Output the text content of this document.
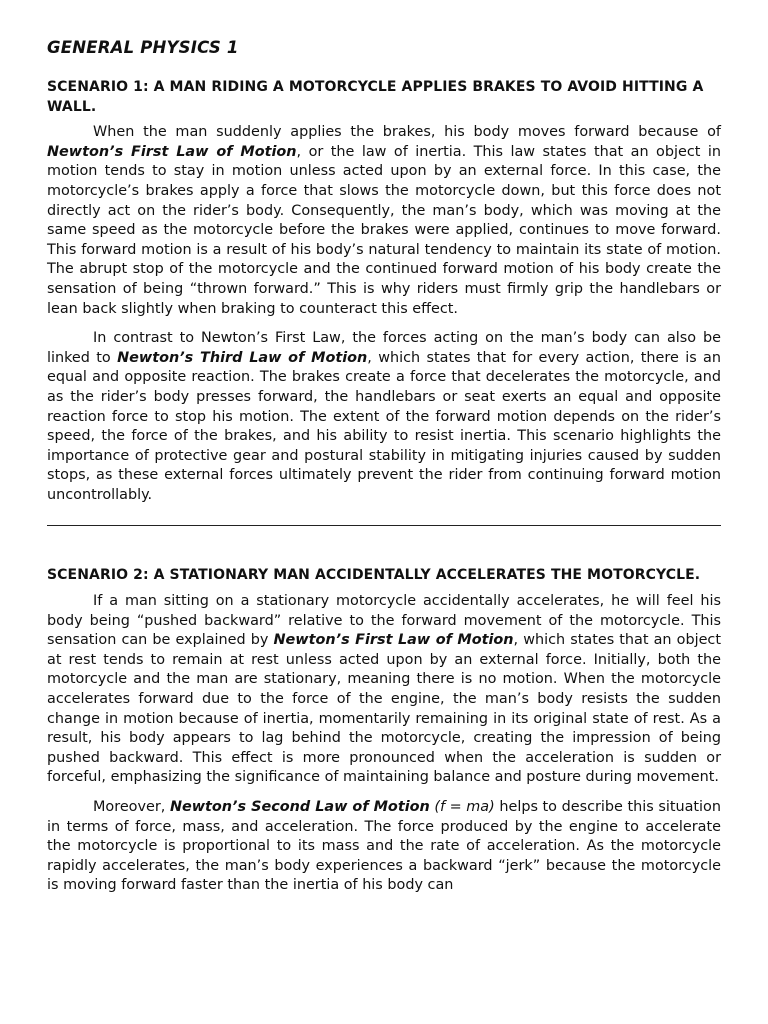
GENERAL PHYSICS 1
SCENARIO 1: A MAN RIDING A MOTORCYCLE APPLIES BRAKES TO AVOID HITTING A WALL.

When the man suddenly applies the brakes, his body moves forward because of Newton’s First Law of Motion, or the law of inertia. This law states that an object in motion tends to stay in motion unless acted upon by an external force. In this case, the motorcycle’s brakes apply a force that slows the motorcycle down, but this force does not directly act on the rider’s body. Consequently, the man’s body, which was moving at the same speed as the motorcycle before the brakes were applied, continues to move forward. This forward motion is a result of his body’s natural tendency to maintain its state of motion. The abrupt stop of the motorcycle and the continued forward motion of his body create the sensation of being “thrown forward.” This is why riders must firmly grip the handlebars or lean back slightly when braking to counteract this effect.

In contrast to Newton’s First Law, the forces acting on the man’s body can also be linked to Newton’s Third Law of Motion, which states that for every action, there is an equal and opposite reaction. The brakes create a force that decelerates the motorcycle, and as the rider’s body presses forward, the handlebars or seat exerts an equal and opposite reaction force to stop his motion. The extent of the forward motion depends on the rider’s speed, the force of the brakes, and his ability to resist inertia. This scenario highlights the importance of protective gear and postural stability in mitigating injuries caused by sudden stops, as these external forces ultimately prevent the rider from continuing forward motion uncontrollably.

SCENARIO 2: A STATIONARY MAN ACCIDENTALLY ACCELERATES THE MOTORCYCLE.

If a man sitting on a stationary motorcycle accidentally accelerates, he will feel his body being “pushed backward” relative to the forward movement of the motorcycle. This sensation can be explained by Newton’s First Law of Motion, which states that an object at rest tends to remain at rest unless acted upon by an external force. Initially, both the motorcycle and the man are stationary, meaning there is no motion. When the motorcycle accelerates forward due to the force of the engine, the man’s body resists the sudden change in motion because of inertia, momentarily remaining in its original state of rest. As a result, his body appears to lag behind the motorcycle, creating the impression of being pushed backward. This effect is more pronounced when the acceleration is sudden or forceful, emphasizing the significance of maintaining balance and posture during movement.

Moreover, Newton’s Second Law of Motion (f = ma) helps to describe this situation in terms of force, mass, and acceleration. The force produced by the engine to accelerate the motorcycle is proportional to its mass and the rate of acceleration. As the motorcycle rapidly accelerates, the man’s body experiences a backward “jerk” because the motorcycle is moving forward faster than the inertia of his body can
